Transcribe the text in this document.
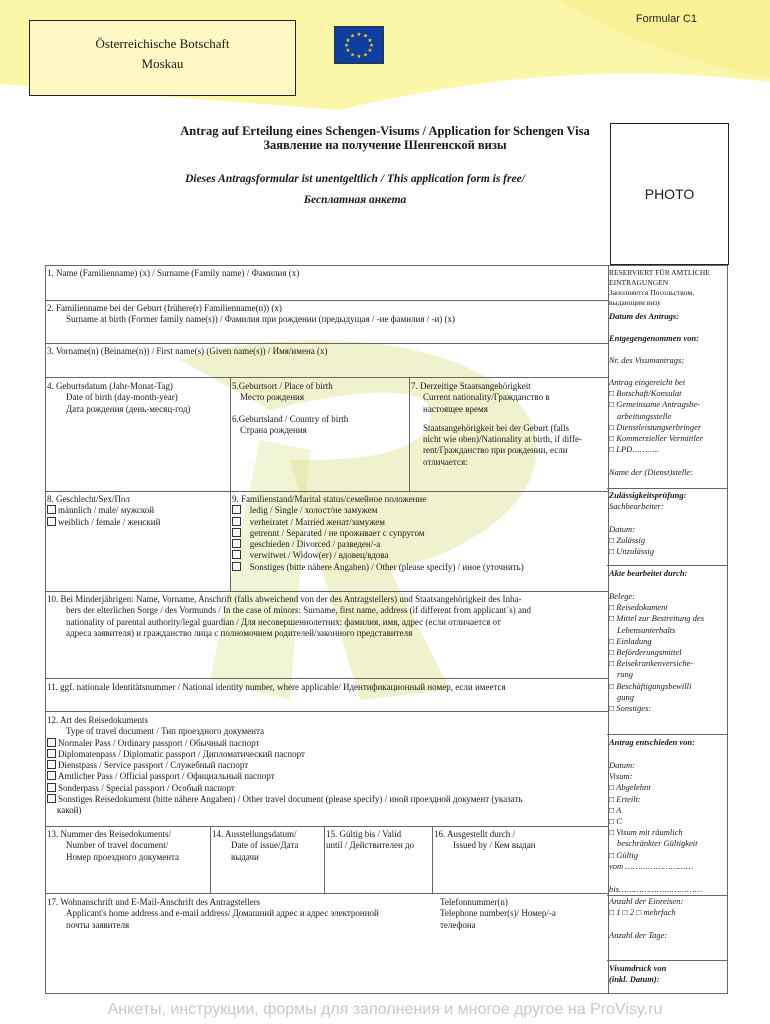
Formular C1
Österreichische Botschaft
Moskau
★ ★
★
★
★
★
★
★
★
★
★
★
Antrag auf Erteilung eines Schengen-Visums / Application for Schengen Visa
Заявление на получение Шенгенской визы
Dieses Antragsformular ist unentgeltlich / This application form is free/
Бесплатная анкета	PHOTO
1. Name (Familienname) (x) / Surname (Family name) / Фамилия (x)
2. Familienname bei der Geburt (frühere(r) Familienname(n)) (x)
Surname at birth (Former family name(s)) / Фамилия при рождении (предыдущая / -ие фамилия / -и) (x)
3. Vorname(n) (Beiname(n)) / First name(s) (Given name(s)) / Имя/имена (x)
4. Geburtsdatum (Jahr-Monat-Tag)
Date of birth (day-month-year)
Дата рождения (день-месяц-год)
5.Geburtsort / Place of birth
Место рождения
6.Geburtsland / Country of birth
Страна рождения
7. Derzeitige Staatsangehörigkeit
Current nationality/Гражданство в
настоящее время
Staatsangehörigkeit bei der Geburt (falls
nicht wie oben)/Nationality at birth, if diffe-
rent/Гражданство при рождении, если
отличается:
8. Geschlecht/Sex/Пол
männlich / male/ мужской
weiblich / female / женский
9. Familienstand/Marital status/семейное положение
ledig / Single / холост/не замужем
verheiratet / Married женат/замужем
getrennt / Separated / не проживает с супругом
geschieden / Divorced / разведен/-а
verwitwet / Widow(er) / вдовец/вдова
Sonstiges (bitte nähere Angaben) / Other (please specify) / иное (уточнить)
10. Bei Minderjährigen: Name, Vorname, Anschrift (falls abweichend von der des Antragstellers) und Staatsangehörigkeit des Inha-
bers der elterlichen Sorge / des Vormunds / In the case of minors: Surname, first name, address (if different from applicant´s) and
nationality of parental authority/legal guardian / Для несовершеннолетних: фамилия, имя, адрес (если отличается от
адреса заявителя) и гражданство лица с полномочием родителей/законного представителя
11. ggf. nationale Identitätsnummer / National identity number, where applicable/ Идентификационный номер, если имеется
12. Art des Reisedokuments
Type of travel document / Тип проездного документа
Normaler Pass / Ordinary passport / Обычный паспорт
Diplomatenpass / Diplomatic passport / Дипломатический паспорт
Dienstpass / Service passport / Служебный паспорт
Amtlicher Pass / Official passport / Официальный паспорт
Sonderpass / Special passport / Особый паспорт
Sonstiges Reisedokument (bitte nähere Angaben) / Other travel document (please specify) / иной проездной документ (указать
какой)
13. Nummer des Reisedokuments/
Number of travel document/
Номер проездного документа
14. Ausstellungsdatum/
Date of issue/Дата
выдачи
15. Gültig bis / Valid
until / Действителен до
16. Ausgestellt durch /
Issued by / Кем выдан
17. Wohnanschrift und E-Mail-Anschrift des Antragstellers
Applicant's home address and e-mail address/ Домашний адрес и адрес электронной
почты заявителя
Telefonnummer(n)
Telephone number(s)/ Номер/-а
телефона
RESERVIERT FÜR AMTLICHE
EINTRAGUNGEN
Заполняется Посольством,
выдающим визу
Datum des Antrags:
Entgegengenommen von:
Nr. des Visumantrags:
Antrag eingereicht bei
□ Botschaft/Konsulat
□ Gemeinsame Antragsbe-
arbeitungsstelle
□ Dienstleistungserbringer
□ Kommerzieller Vermittler
□ LPD………..
Name der (Dienst)stelle:
Zulässigkeitsprüfung:
Sachbearbeiter:
Datum:
□ Zulässig
□ Unzulässig
Akte bearbeitet durch:
Belege:
□ Reisedokument
□ Mittel zur Bestreitung des
Lebensunterhalts
□ Einladung
□ Beförderungsmittel
□ Reisekrankenversiche-
rung
□ Beschäftigungsbewilli
gung
□ Sonstiges:
Antrag entschieden von:
Datum:
Visum:
□ Abgelehnt
□ Erteilt:
□ A
□ C
□ Visum mit räumlich
beschränkter Gültigkeit
□ Gültig
vom ………………………
bis……………………………
Anzahl der Einreisen:
□ 1 □ 2 □ mehrfach
Anzahl der Tage:
Visumdruck von
(inkl. Datum):
Анкеты, инструкции, формы для заполнения и многое другое на ProVisy.ru
